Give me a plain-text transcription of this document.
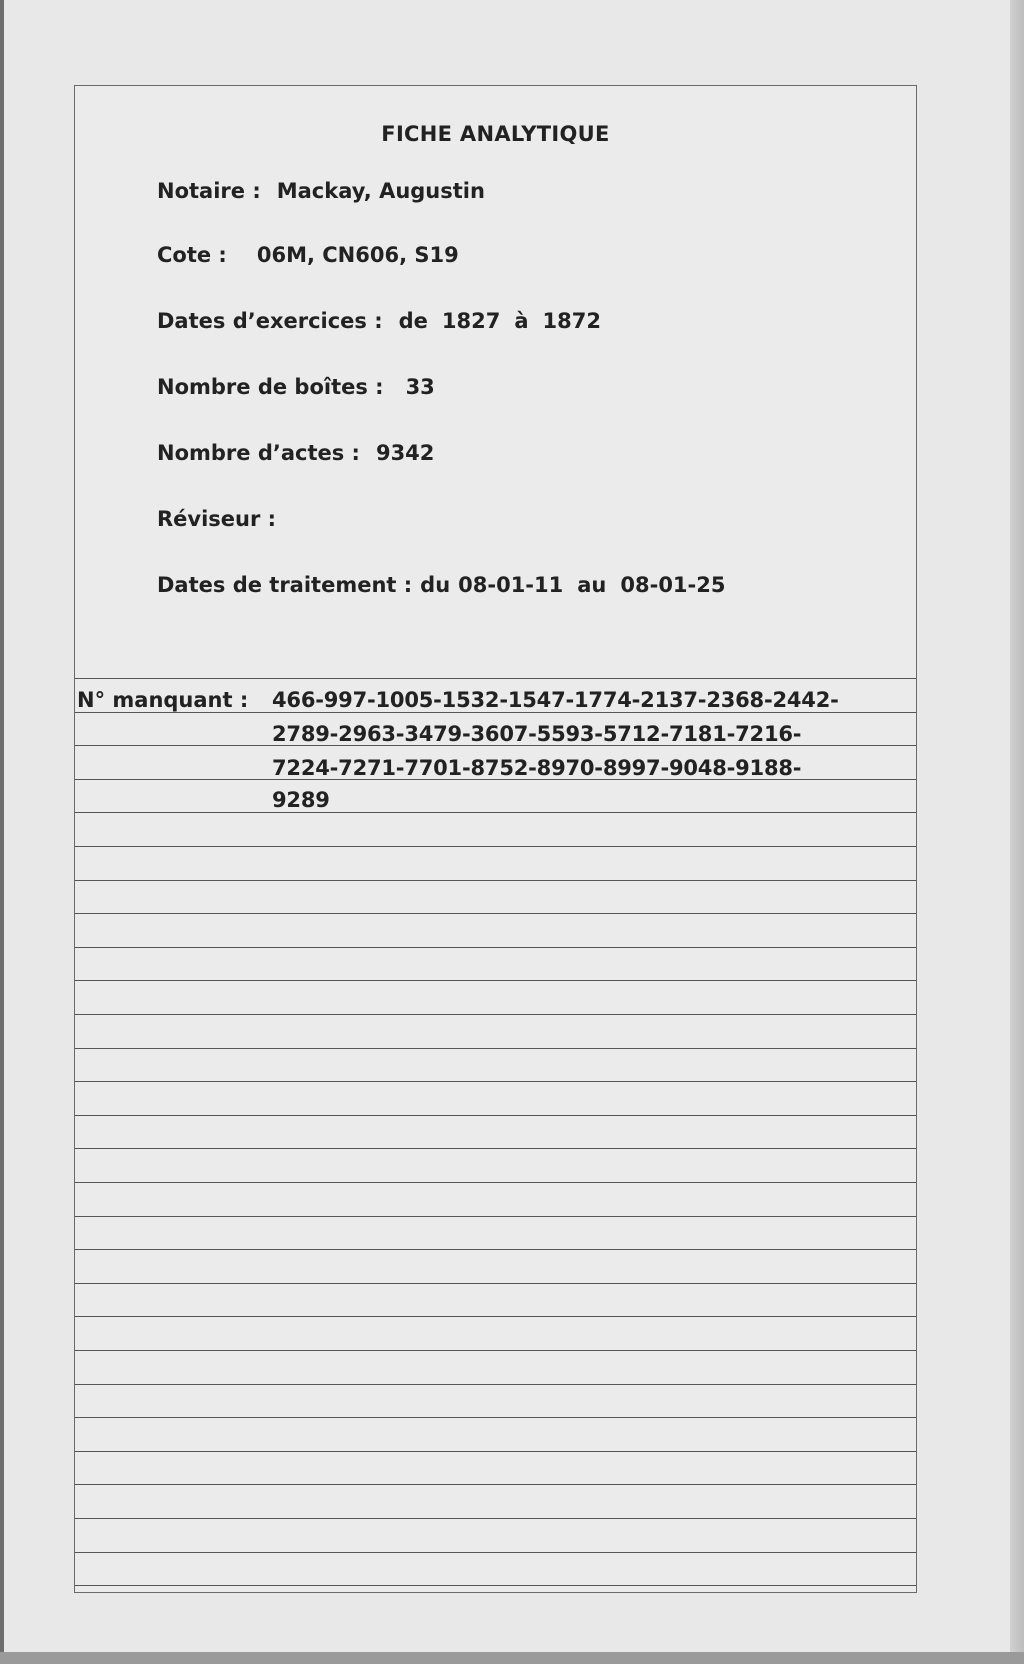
FICHE ANALYTIQUE
Notaire : Mackay, Augustin
Cote : 06M, CN606, S19
Dates d’exercices : de 1827 à 1872
Nombre de boîtes : 33
Nombre d’actes : 9342
Réviseur :
Dates de traitement : du 08-01-11 au 08-01-25
N° manquant : 466-997-1005-1532-1547-1774-2137-2368-2442-
2789-2963-3479-3607-5593-5712-7181-7216-
7224-7271-7701-8752-8970-8997-9048-9188-
9289
